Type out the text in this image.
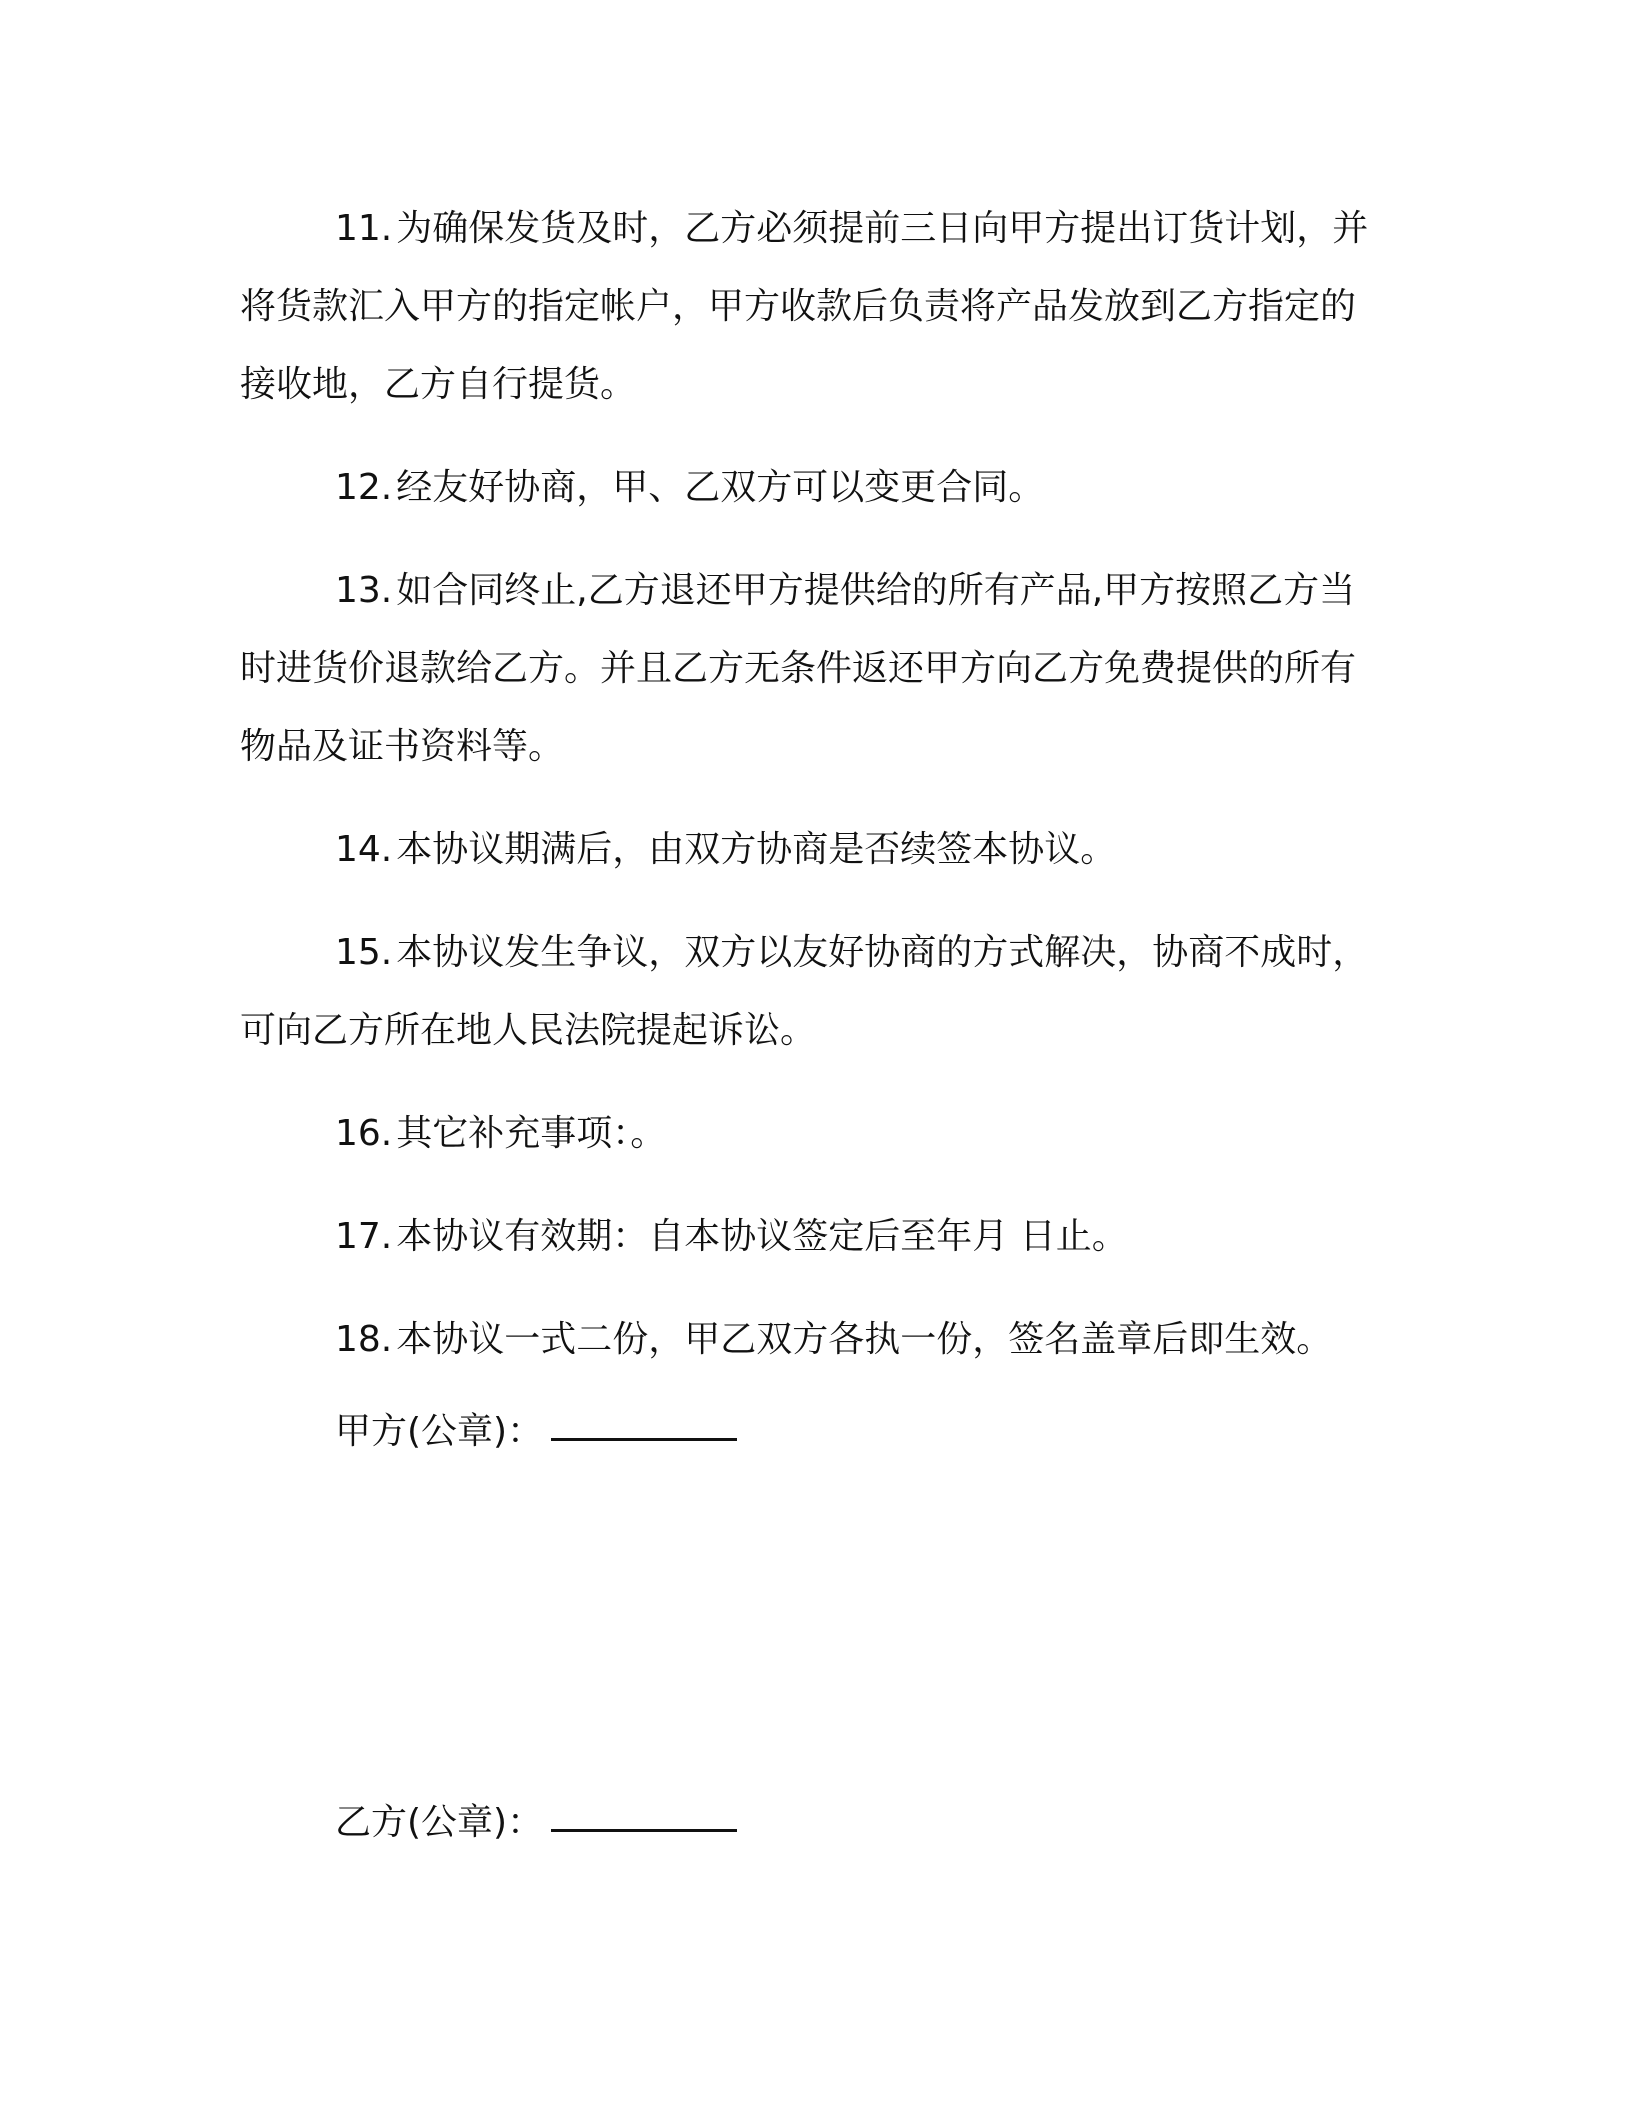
11. 为确保发货及时，乙方必须提前三日向甲方提出订货计划，并将货款汇入甲方的指定帐户，甲方收款后负责将产品发放到乙方指定的接收地，乙方自行提货。

12. 经友好协商，甲、乙双方可以变更合同。

13. 如合同终止,乙方退还甲方提供给的所有产品,甲方按照乙方当时进货价退款给乙方。并且乙方无条件返还甲方向乙方免费提供的所有物品及证书资料等。

14. 本协议期满后，由双方协商是否续签本协议。

15. 本协议发生争议，双方以友好协商的方式解决，协商不成时，可向乙方所在地人民法院提起诉讼。

16. 其它补充事项：。

17. 本协议有效期：自本协议签定后至年月 日止。

18. 本协议一式二份，甲乙双方各执一份，签名盖章后即生效。

甲方(公章)：
乙方(公章)：
